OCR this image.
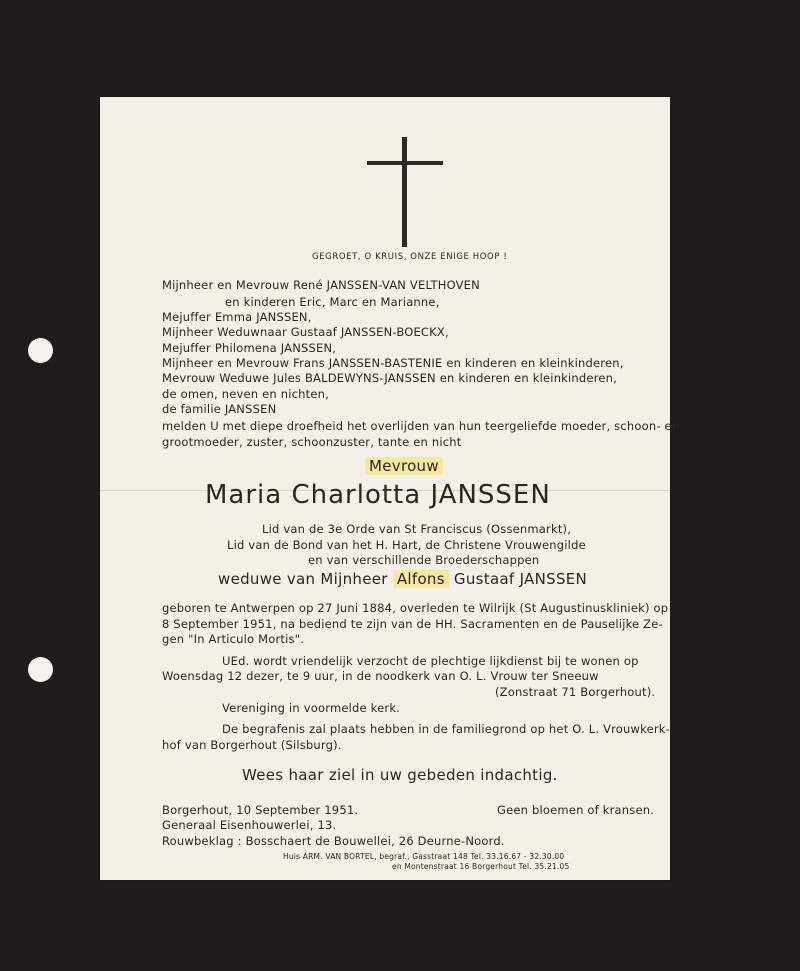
GEGROET, O KRUIS, ONZE ENIGE HOOP !
Mijnheer en Mevrouw René JANSSEN-VAN VELTHOVEN
en kinderen Eric, Marc en Marianne,
Mejuffer Emma JANSSEN,
Mijnheer Weduwnaar Gustaaf JANSSEN-BOECKX,
Mejuffer Philomena JANSSEN,
Mijnheer en Mevrouw Frans JANSSEN-BASTENIE en kinderen en kleinkinderen,
Mevrouw Weduwe Jules BALDEWYNS-JANSSEN en kinderen en kleinkinderen,
de omen, neven en nichten,
de familie JANSSEN
melden U met diepe droefheid het overlijden van hun teergeliefde moeder, schoon- en
grootmoeder, zuster, schoonzuster, tante en nicht
Mevrouw
Maria Charlotta JANSSEN
Lid van de 3e Orde van St Franciscus (Ossenmarkt),
Lid van de Bond van het H. Hart, de Christene Vrouwengilde
en van verschillende Broederschappen
weduwe van Mijnheer Alfons Gustaaf JANSSEN
geboren te Antwerpen op 27 Juni 1884, overleden te Wilrijk (St Augustinuskliniek) op
8 September 1951, na bediend te zijn van de HH. Sacramenten en de Pauselijke Ze-
gen "In Articulo Mortis".
UEd. wordt vriendelijk verzocht de plechtige lijkdienst bij te wonen op
Woensdag 12 dezer, te 9 uur, in de noodkerk van O. L. Vrouw ter Sneeuw
(Zonstraat 71 Borgerhout).
Vereniging in voormelde kerk.
De begrafenis zal plaats hebben in de familiegrond op het O. L. Vrouwkerk-
hof van Borgerhout (Silsburg).
Wees haar ziel in uw gebeden indachtig.
Borgerhout, 10 September 1951.	Geen bloemen of kransen.
Generaal Eisenhouwerlei, 13.
Rouwbeklag : Bosschaert de Bouwellei, 26 Deurne-Noord.
Huis ARM. VAN BORTEL, begraf., Gasstraat 148 Tel. 33.16.67 - 32.30.00
en Montenstraat 16 Borgerhout Tel. 35.21.05
